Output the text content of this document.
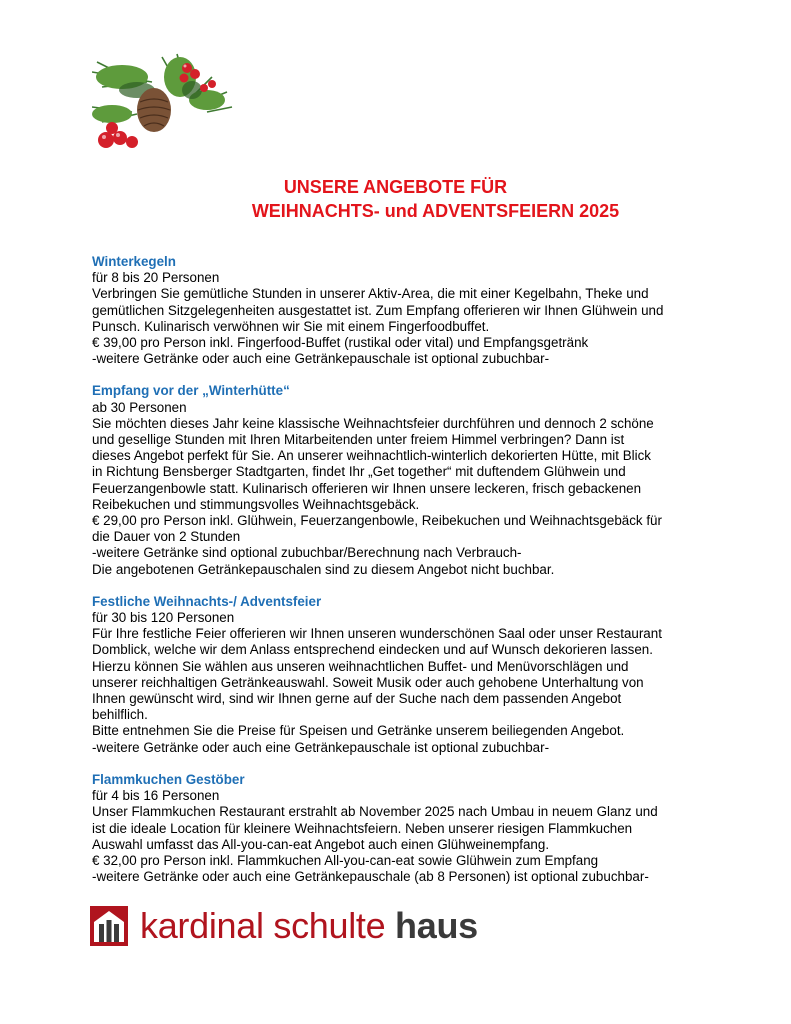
UNSERE ANGEBOTE FÜR
WEIHNACHTS- und ADVENTSFEIERN 2025
Winterkegeln

für 8 bis 20 Personen

Verbringen Sie gemütliche Stunden in unserer Aktiv-Area, die mit einer Kegelbahn, Theke und

gemütlichen Sitzgelegenheiten ausgestattet ist. Zum Empfang offerieren wir Ihnen Glühwein und

Punsch. Kulinarisch verwöhnen wir Sie mit einem Fingerfoodbuffet.

€ 39,00 pro Person inkl. Fingerfood-Buffet (rustikal oder vital) und Empfangsgetränk

-weitere Getränke oder auch eine Getränkepauschale ist optional zubuchbar-

Empfang vor der „Winterhütte“

ab 30 Personen

Sie möchten dieses Jahr keine klassische Weihnachtsfeier durchführen und dennoch 2 schöne

und gesellige Stunden mit Ihren Mitarbeitenden unter freiem Himmel verbringen? Dann ist

dieses Angebot perfekt für Sie. An unserer weihnachtlich-winterlich dekorierten Hütte, mit Blick

in Richtung Bensberger Stadtgarten, findet Ihr „Get together“ mit duftendem Glühwein und

Feuerzangenbowle statt. Kulinarisch offerieren wir Ihnen unsere leckeren, frisch gebackenen

Reibekuchen und stimmungsvolles Weihnachtsgebäck.

€ 29,00 pro Person inkl. Glühwein, Feuerzangenbowle, Reibekuchen und Weihnachtsgebäck für

die Dauer von 2 Stunden

-weitere Getränke sind optional zubuchbar/Berechnung nach Verbrauch-

Die angebotenen Getränkepauschalen sind zu diesem Angebot nicht buchbar.

Festliche Weihnachts-/ Adventsfeier

für 30 bis 120 Personen

Für Ihre festliche Feier offerieren wir Ihnen unseren wunderschönen Saal oder unser Restaurant

Domblick, welche wir dem Anlass entsprechend eindecken und auf Wunsch dekorieren lassen.

Hierzu können Sie wählen aus unseren weihnachtlichen Buffet- und Menüvorschlägen und

unserer reichhaltigen Getränkeauswahl. Soweit Musik oder auch gehobene Unterhaltung von

Ihnen gewünscht wird, sind wir Ihnen gerne auf der Suche nach dem passenden Angebot

behilflich.

Bitte entnehmen Sie die Preise für Speisen und Getränke unserem beiliegenden Angebot.

-weitere Getränke oder auch eine Getränkepauschale ist optional zubuchbar-

Flammkuchen Gestöber

für 4 bis 16 Personen

Unser Flammkuchen Restaurant erstrahlt ab November 2025 nach Umbau in neuem Glanz und

ist die ideale Location für kleinere Weihnachtsfeiern. Neben unserer riesigen Flammkuchen

Auswahl umfasst das All-you-can-eat Angebot auch einen Glühweinempfang.

€ 32,00 pro Person inkl. Flammkuchen All-you-can-eat sowie Glühwein zum Empfang

-weitere Getränke oder auch eine Getränkepauschale (ab 8 Personen) ist optional zubuchbar-

kardinal schulte haus
